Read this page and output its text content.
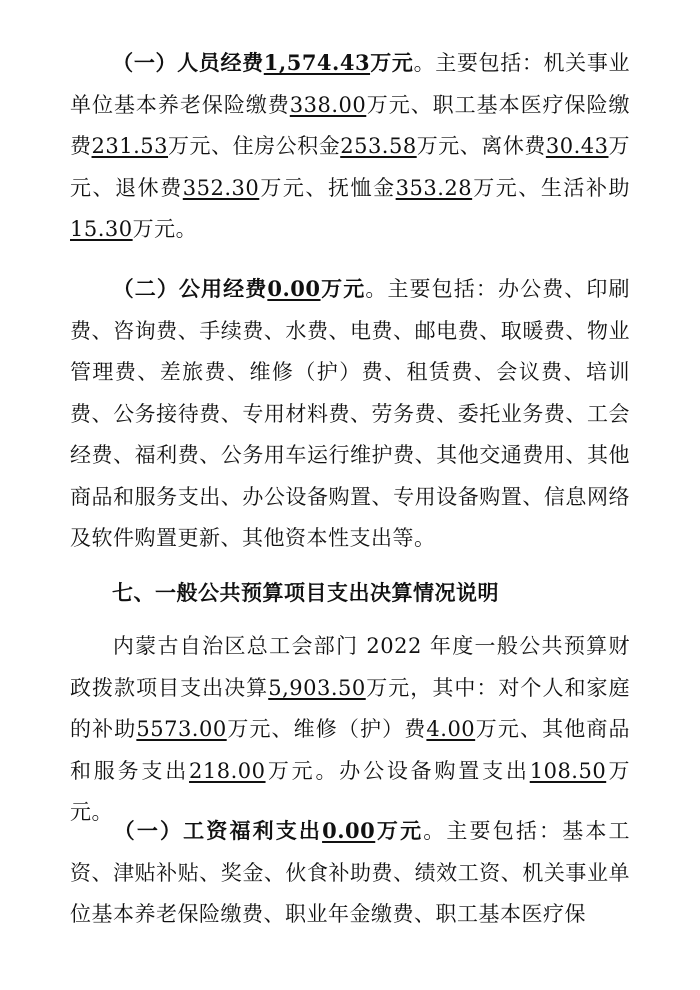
（一）人员经费1,574.43万元。主要包括：机关事业单位基本养老保险缴费338.00万元、职工基本医疗保险缴费231.53万元、住房公积金253.58万元、离休费30.43万元、退休费352.30万元、抚恤金353.28万元、生活补助15.30万元。

（二）公用经费0.00万元。主要包括：办公费、印刷费、咨询费、手续费、水费、电费、邮电费、取暖费、物业管理费、差旅费、维修（护）费、租赁费、会议费、培训费、公务接待费、专用材料费、劳务费、委托业务费、工会经费、福利费、公务用车运行维护费、其他交通费用、其他商品和服务支出、办公设备购置、专用设备购置、信息网络及软件购置更新、其他资本性支出等。

七、一般公共预算项目支出决算情况说明

内蒙古自治区总工会部门 2022 年度一般公共预算财政拨款项目支出决算5,903.50万元，其中：对个人和家庭的补助5573.00万元、维修（护）费4.00万元、其他商品和服务支出218.00万元。办公设备购置支出108.50万元。

（一）工资福利支出0.00万元。主要包括：基本工资、津贴补贴、奖金、伙食补助费、绩效工资、机关事业单位基本养老保险缴费、职业年金缴费、职工基本医疗保
